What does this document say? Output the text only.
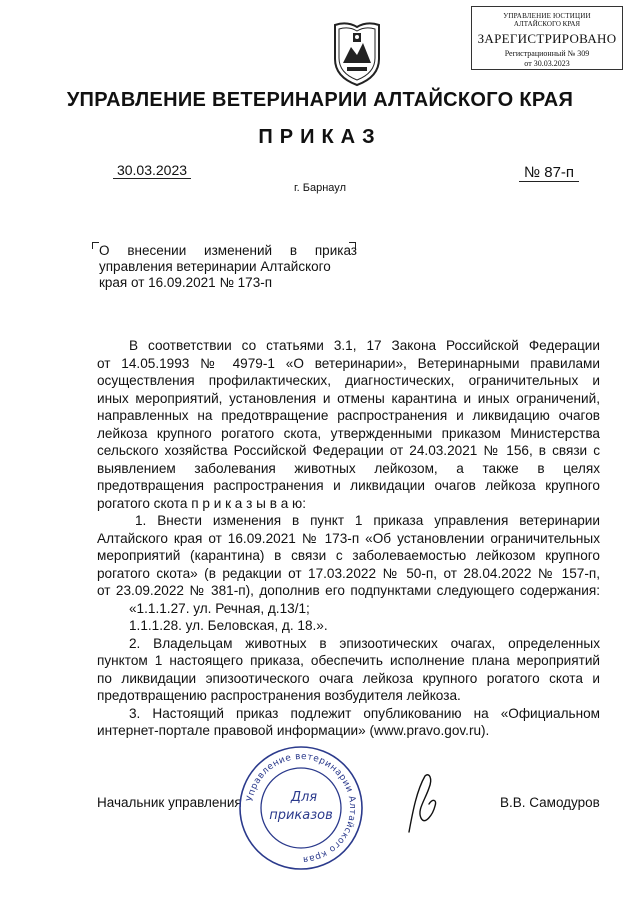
УПРАВЛЕНИЕ ЮСТИЦИИ
АЛТАЙСКОГО КРАЯ
ЗАРЕГИСТРИРОВАНО
Регистрационный № 309
от 30.03.2023
УПРАВЛЕНИЕ ВЕТЕРИНАРИИ АЛТАЙСКОГО КРАЯ
ПРИКАЗ
30.03.2023	№ 87-п
г. Барнаул

О внесении изменений в приказ

управления ветеринарии Алтайского

края от 16.09.2021 № 173-п

В соответствии со статьями 3.1, 17 Закона Российской Федерации

от 14.05.1993 № 4979-1 «О ветеринарии», Ветеринарными правилами

осуществления профилактических, диагностических, ограничительных и

иных мероприятий, установления и отмены карантина и иных ограничений,

направленных на предотвращение распространения и ликвидацию очагов

лейкоза крупного рогатого скота, утвержденными приказом Министерства

сельского хозяйства Российской Федерации от 24.03.2021 № 156, в связи с

выявлением заболевания животных лейкозом, а также в целях

предотвращения распространения и ликвидации очагов лейкоза крупного

рогатого скота п р и к а з ы в а ю:

1. Внести изменения в пункт 1 приказа управления ветеринарии

Алтайского края от 16.09.2021 № 173-п «Об установлении ограничительных

мероприятий (карантина) в связи с заболеваемостью лейкозом крупного

рогатого скота» (в редакции от 17.03.2022 № 50-п, от 28.04.2022 № 157-п,

от 23.09.2022 № 381-п), дополнив его подпунктами следующего содержания:

«1.1.1.27. ул. Речная, д.13/1;

1.1.1.28. ул. Беловская, д. 18.».

2. Владельцам животных в эпизоотических очагах, определенных

пунктом 1 настоящего приказа, обеспечить исполнение плана мероприятий

по ликвидации эпизоотического очага лейкоза крупного рогатого скота и

предотвращению распространения возбудителя лейкоза.

3. Настоящий приказ подлежит опубликованию на «Официальном

интернет-портале правовой информации» (www.pravo.gov.ru).

Начальник управления	В.В. Самодуров
Управление ветеринарии Алтайского края
Для
приказов
